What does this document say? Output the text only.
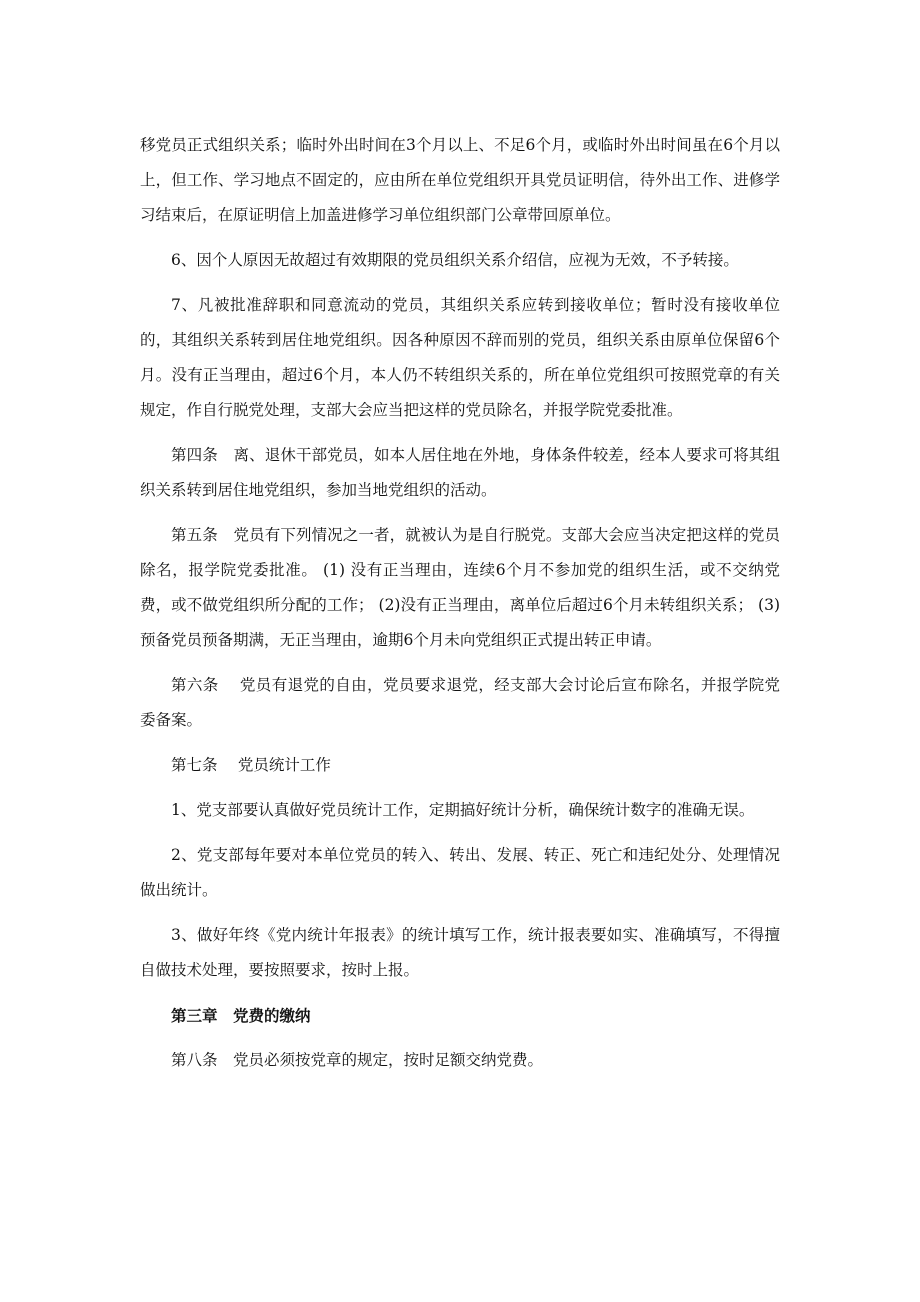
移党员正式组织关系；临时外出时间在3个月以上、不足6个月，或临时外出时间虽在6个月以上，但工作、学习地点不固定的，应由所在单位党组织开具党员证明信，待外出工作、进修学习结束后，在原证明信上加盖进修学习单位组织部门公章带回原单位。

6、因个人原因无故超过有效期限的党员组织关系介绍信，应视为无效，不予转接。

7、凡被批准辞职和同意流动的党员，其组织关系应转到接收单位；暂时没有接收单位的，其组织关系转到居住地党组织。因各种原因不辞而别的党员，组织关系由原单位保留6个月。没有正当理由，超过6个月，本人仍不转组织关系的，所在单位党组织可按照党章的有关规定，作自行脱党处理，支部大会应当把这样的党员除名，并报学院党委批准。

第四条　离、退休干部党员，如本人居住地在外地，身体条件较差，经本人要求可将其组织关系转到居住地党组织，参加当地党组织的活动。

第五条　党员有下列情况之一者，就被认为是自行脱党。支部大会应当决定把这样的党员除名，报学院党委批准。 (1) 没有正当理由，连续6个月不参加党的组织生活，或不交纳党费，或不做党组织所分配的工作； (2)没有正当理由，离单位后超过6个月未转组织关系； (3)预备党员预备期满，无正当理由，逾期6个月未向党组织正式提出转正申请。

第六条　 党员有退党的自由，党员要求退党，经支部大会讨论后宣布除名，并报学院党委备案。

第七条　 党员统计工作

1、党支部要认真做好党员统计工作，定期搞好统计分析，确保统计数字的准确无误。

2、党支部每年要对本单位党员的转入、转出、发展、转正、死亡和违纪处分、处理情况做出统计。

3、做好年终《党内统计年报表》的统计填写工作，统计报表要如实、准确填写，不得擅自做技术处理，要按照要求，按时上报。

第三章　党费的缴纳

第八条　党员必须按党章的规定，按时足额交纳党费。
